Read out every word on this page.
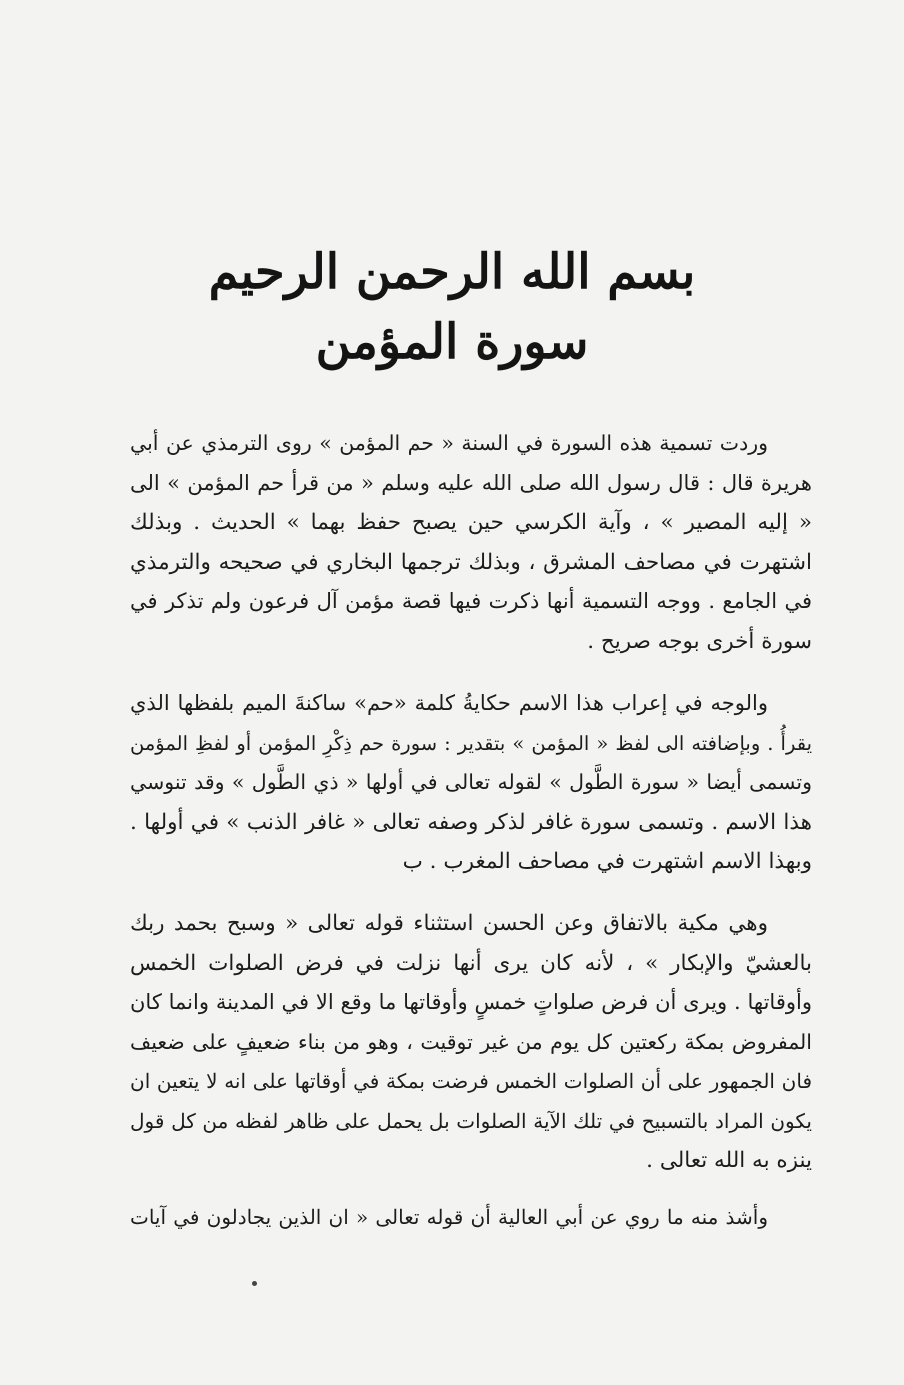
بسم الله الرحمن الرحيم
سورة المؤمن
وردت تسمية هذه السورة في السنة « حم المؤمن » روى الترمذي عن أبي
هريرة قال : قال رسول الله صلى الله عليه وسلم « من قرأ حم المؤمن » الى
« إليه المصير » ، وآية الكرسي حين يصبح حفظ بهما » الحديث . وبذلك
اشتهرت في مصاحف المشرق ، وبذلك ترجمها البخاري في صحيحه والترمذي
في الجامع . ووجه التسمية أنها ذكرت فيها قصة مؤمن آل فرعون ولم تذكر في
سورة أخرى بوجه صريح .
والوجه في إعراب هذا الاسم حكايةُ كلمة «حم» ساكنةَ الميم بلفظها الذي
يقرأُ . وبإضافته الى لفظ « المؤمن » بتقدير : سورة حم ذِكْرِ المؤمن أو لفظِ المؤمن
وتسمى أيضا « سورة الطَّول » لقوله تعالى في أولها « ذي الطَّول » وقد تنوسي
هذا الاسم . وتسمى سورة غافر لذكر وصفه تعالى « غافر الذنب » في أولها .
وبهذا الاسم اشتهرت في مصاحف المغرب . ب
وهي مكية بالاتفاق وعن الحسن استثناء قوله تعالى « وسبح بحمد ربك
بالعشيّ والإبكار » ، لأنه كان يرى أنها نزلت في فرض الصلوات الخمس
وأوقاتها . ويرى أن فرض صلواتٍ خمسٍ وأوقاتها ما وقع الا في المدينة وانما كان
المفروض بمكة ركعتين كل يوم من غير توقيت ، وهو من بناء ضعيفٍ على ضعيف
فان الجمهور على أن الصلوات الخمس فرضت بمكة في أوقاتها على انه لا يتعين ان
يكون المراد بالتسبيح في تلك الآية الصلوات بل يحمل على ظاهر لفظه من كل قول
ينزه به الله تعالى .
وأشذ منه ما روي عن أبي العالية أن قوله تعالى « ان الذين يجادلون في آيات
